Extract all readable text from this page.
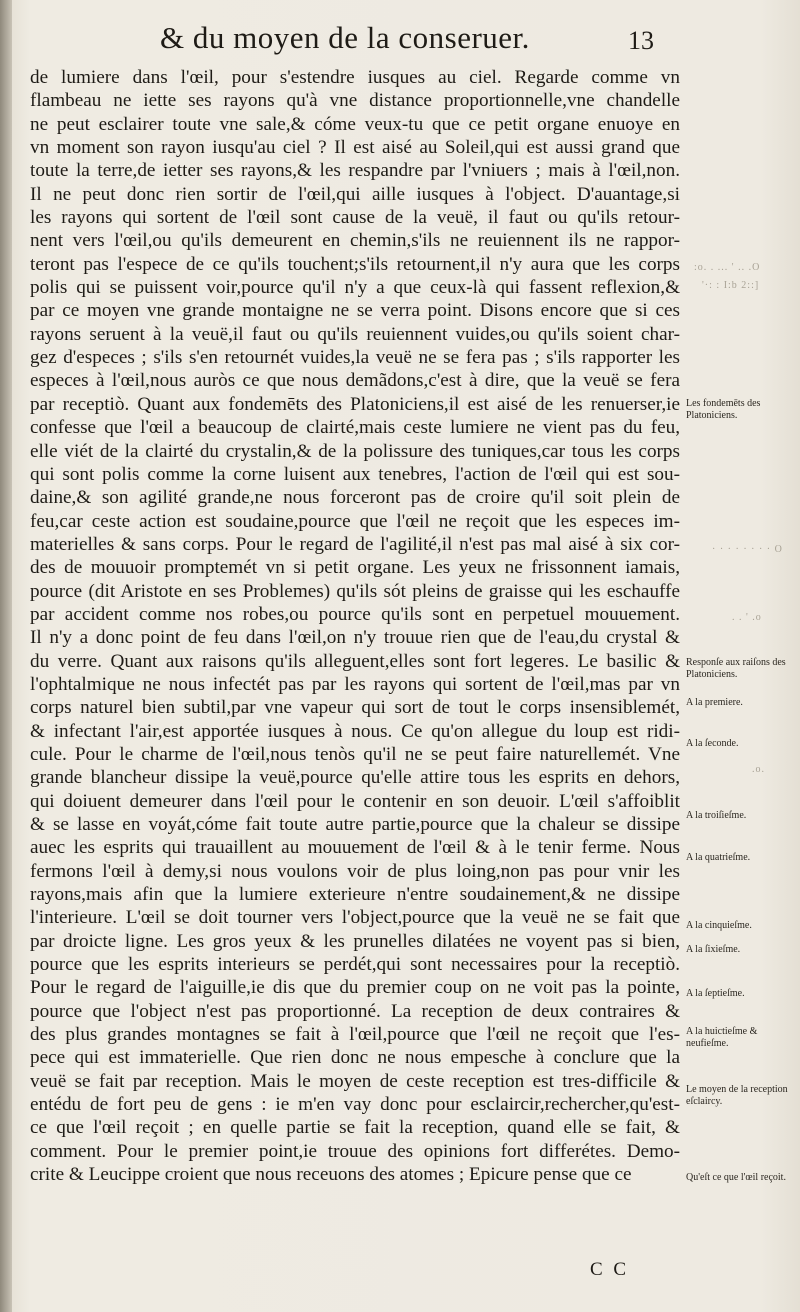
& du moyen de la conseruer.	13
de lumiere dans l'œil, pour s'estendre iusques au ciel. Regarde comme vn
flambeau ne iette ses rayons qu'à vne distance proportionnelle,vne chandelle
ne peut esclairer toute vne sale,& cóme veux-tu que ce petit organe enuoye en
vn moment son rayon iusqu'au ciel ? Il est aisé au Soleil,qui est aussi grand que
toute la terre,de ietter ses rayons,& les respandre par l'vniuers ; mais à l'œil,non.
Il ne peut donc rien sortir de l'œil,qui aille iusques à l'object. D'auantage,si
les rayons qui sortent de l'œil sont cause de la veuë, il faut ou qu'ils retour-
nent vers l'œil,ou qu'ils demeurent en chemin,s'ils ne reuiennent ils ne rappor-
teront pas l'espece de ce qu'ils touchent;s'ils retournent,il n'y aura que les corps
polis qui se puissent voir,pource qu'il n'y a que ceux-là qui fassent reflexion,&
par ce moyen vne grande montaigne ne se verra point. Disons encore que si ces
rayons seruent à la veuë,il faut ou qu'ils reuiennent vuides,ou qu'ils soient char-
gez d'especes ; s'ils s'en retournét vuides,la veuë ne se fera pas ; s'ils rapporter les
especes à l'œil,nous auròs ce que nous demãdons,c'est à dire, que la veuë se fera
par receptiò. Quant aux fondemēts des Platoniciens,il est aisé de les renuerser,ie
confesse que l'œil a beaucoup de clairté,mais ceste lumiere ne vient pas du feu,
elle viét de la clairté du crystalin,& de la polissure des tuniques,car tous les corps
qui sont polis comme la corne luisent aux tenebres, l'action de l'œil qui est sou-
daine,& son agilité grande,ne nous forceront pas de croire qu'il soit plein de
feu,car ceste action est soudaine,pource que l'œil ne reçoit que les especes im-
materielles & sans corps. Pour le regard de l'agilité,il n'est pas mal aisé à six cor-
des de mouuoir promptemét vn si petit organe. Les yeux ne frissonnent iamais,
pource (dit Aristote en ses Problemes) qu'ils sót pleins de graisse qui les eschauffe
par accident comme nos robes,ou pource qu'ils sont en perpetuel mouuement.
Il n'y a donc point de feu dans l'œil,on n'y trouue rien que de l'eau,du crystal &
du verre. Quant aux raisons qu'ils alleguent,elles sont fort legeres. Le basilic &
l'ophtalmique ne nous infectét pas par les rayons qui sortent de l'œil,mas par vn
corps naturel bien subtil,par vne vapeur qui sort de tout le corps insensiblemét,
& infectant l'air,est apportée iusques à nous. Ce qu'on allegue du loup est ridi-
cule. Pour le charme de l'œil,nous tenòs qu'il ne se peut faire naturellemét. Vne
grande blancheur dissipe la veuë,pource qu'elle attire tous les esprits en dehors,
qui doiuent demeurer dans l'œil pour le contenir en son deuoir. L'œil s'affoiblit
& se lasse en voyát,cóme fait toute autre partie,pource que la chaleur se dissipe
auec les esprits qui trauaillent au mouuement de l'œil & à le tenir ferme. Nous
fermons l'œil à demy,si nous voulons voir de plus loing,non pas pour vnir les
rayons,mais afin que la lumiere exterieure n'entre soudainement,& ne dissipe
l'interieure. L'œil se doit tourner vers l'object,pource que la veuë ne se fait que
par droicte ligne. Les gros yeux & les prunelles dilatées ne voyent pas si bien,
pource que les esprits interieurs se perdét,qui sont necessaires pour la receptiò.
Pour le regard de l'aiguille,ie dis que du premier coup on ne voit pas la pointe,
pource que l'object n'est pas proportionné. La reception de deux contraires &
des plus grandes montagnes se fait à l'œil,pource que l'œil ne reçoit que l'es-
pece qui est immaterielle. Que rien donc ne nous empesche à conclure que la
veuë se fait par reception. Mais le moyen de ceste reception est tres-difficile &
entédu de fort peu de gens : ie m'en vay donc pour esclaircir,rechercher,qu'est-
ce que l'œil reçoit ; en quelle partie se fait la reception, quand elle se fait, &
comment. Pour le premier point,ie trouue des opinions fort differétes. Demo-
crite & Leucippe croient que nous receuons des atomes ; Epicure pense que ce
C C
Les fondemēts des Platoniciens.
Responſe aux raiſons des Platoniciens.
A la premiere.
A la ſeconde.
A la troiſieſme.
A la quatrieſme.
A la cinquieſme.
A la ſixieſme.
A la ſeptieſme.
A la huictieſme & neufieſme.
Le moyen de la reception eſclaircy.
Qu'eſt ce que l'œil reçoit.
:o. . ... ' .. .O
'·: : I:b 2::]
· · · · · · · · O
. . ' .o
.o.
